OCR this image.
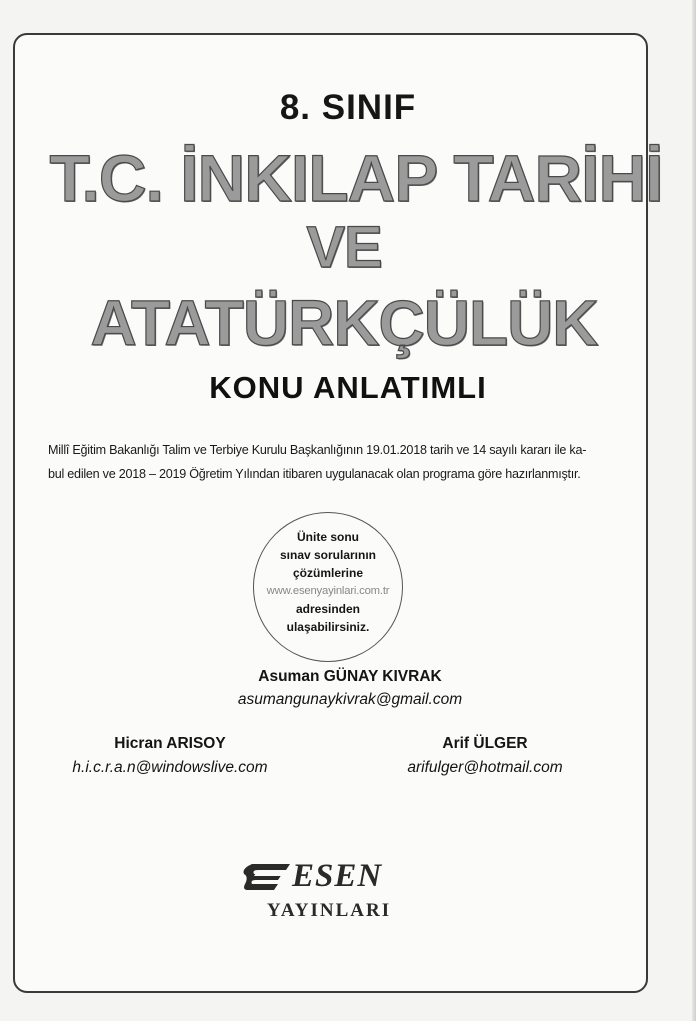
8. SINIF
T.C. İNKILAP TARİHİ
VE
ATATÜRKÇÜLÜK
KONU ANLATIMLI
Millî Eğitim Bakanlığı Talim ve Terbiye Kurulu Başkanlığının 19.01.2018 tarih ve 14 sayılı kararı ile ka-
bul edilen ve 2018 – 2019 Öğretim Yılından itibaren uygulanacak olan programa göre hazırlanmıştır.
Ünite sonu
sınav sorularının
çözümlerine
www.esenyayinlari.com.tr
adresinden
ulaşabilirsiniz.
Asuman GÜNAY KIVRAK
asumangunaykivrak@gmail.com
Hicran ARISOY
h.i.c.r.a.n@windowslive.com
Arif ÜLGER
arifulger@hotmail.com
ESEN
YAYINLARI
